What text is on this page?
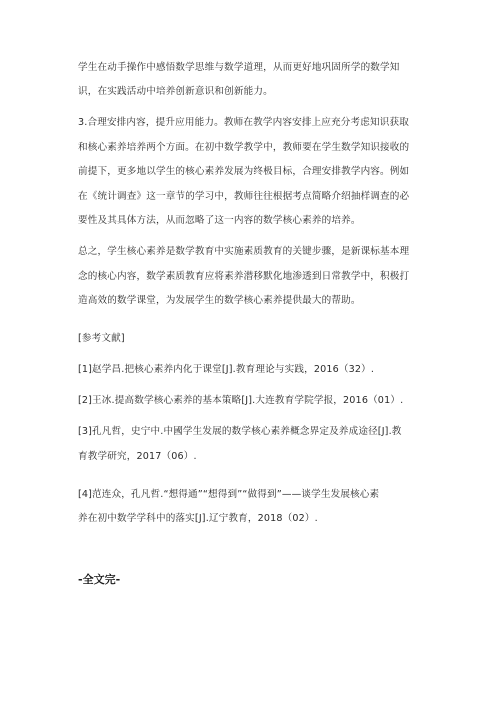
学生在动手操作中感悟数学思维与数学道理，从而更好地巩固所学的数学知
识，在实践活动中培养创新意识和创新能力。
3.合理安排内容，提升应用能力。教师在教学内容安排上应充分考虑知识获取
和核心素养培养两个方面。在初中数学教学中，教师要在学生数学知识接收的
前提下，更多地以学生的核心素养发展为终极目标，合理安排教学内容。例如
在《统计调查》这一章节的学习中，教师往往根据考点简略介绍抽样调查的必
要性及其具体方法，从而忽略了这一内容的数学核心素养的培养。
总之，学生核心素养是数学教育中实施素质教育的关键步骤，是新课标基本理
念的核心内容，数学素质教育应将素养潜移默化地渗透到日常教学中，积极打
造高效的数学课堂，为发展学生的数学核心素养提供最大的帮助。
[参考文献]
[1]赵学昌.把核心素养内化于课堂[J].教育理论与实践，2016（32）.
[2]王冰.提高数学核心素养的基本策略[J].大连教育学院学报，2016（01）.
[3]孔凡哲，史宁中.中國学生发展的数学核心素养概念界定及养成途径[J].教
育教学研究，2017（06）.
[4]范连众，孔凡哲.“想得通”“想得到”“做得到”——谈学生发展核心素
养在初中数学学科中的落实[J].辽宁教育，2018（02）.
-全文完-
